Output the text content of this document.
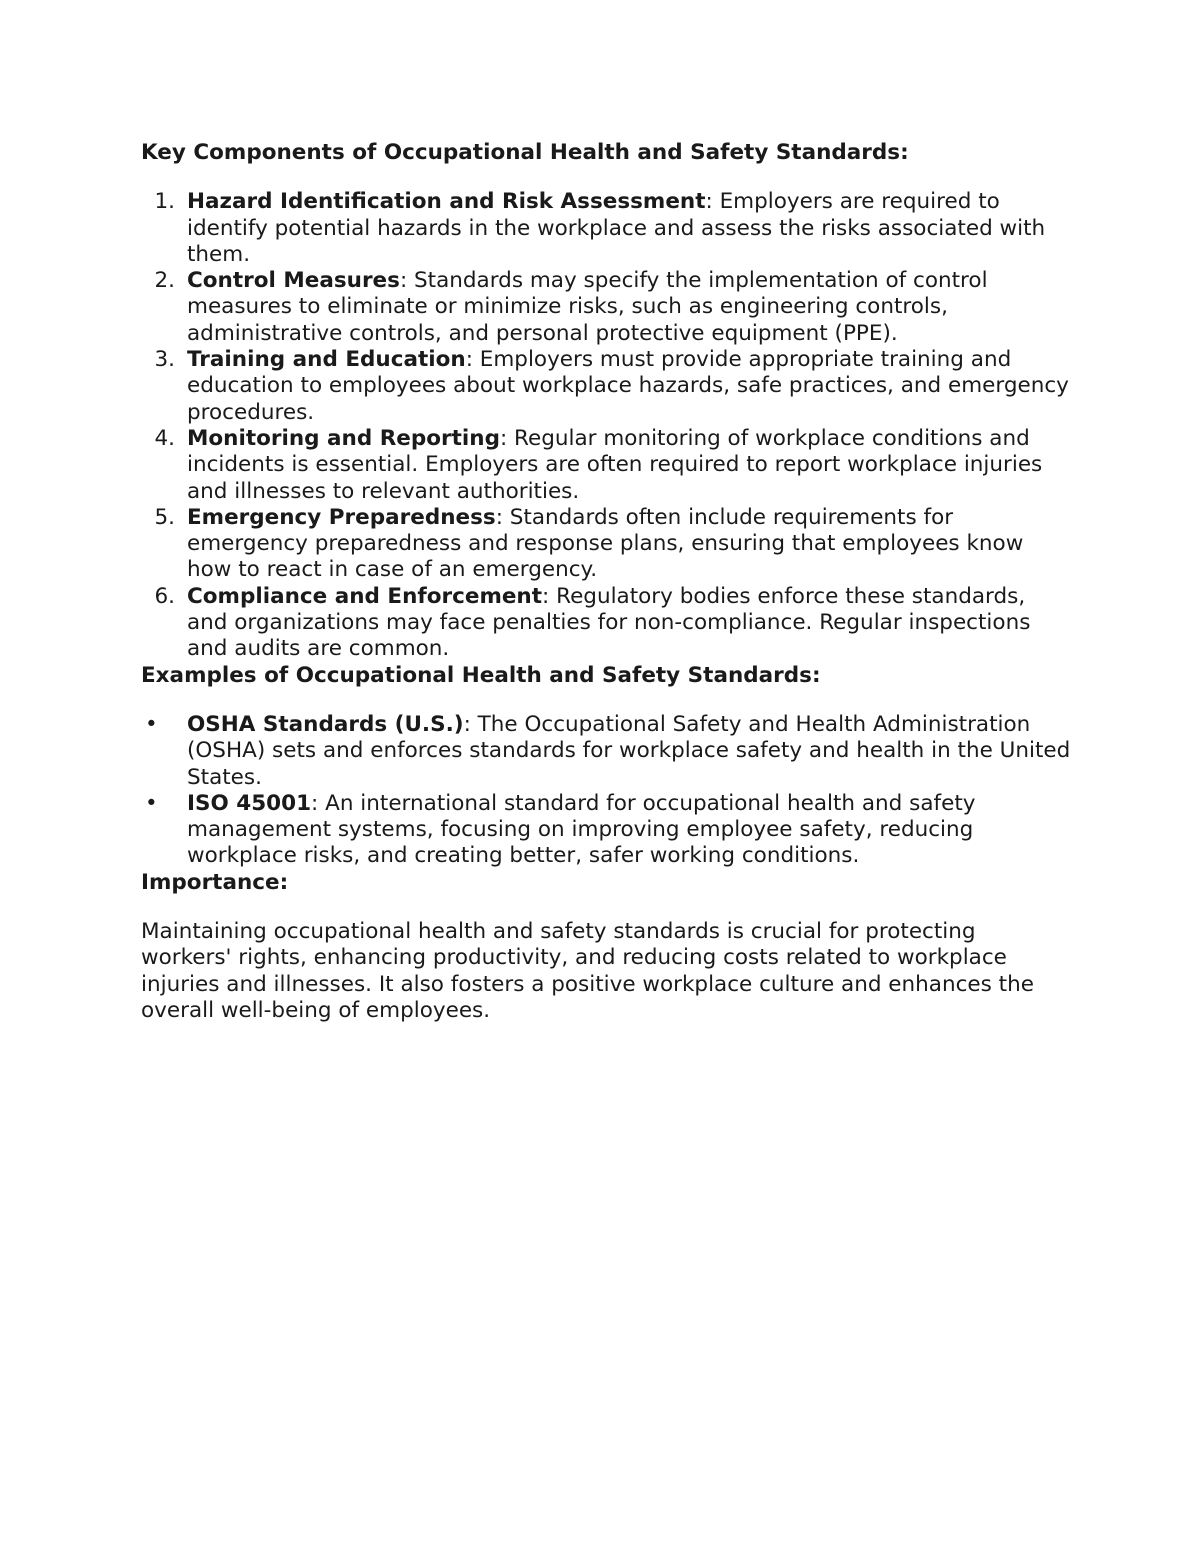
Key Components of Occupational Health and Safety Standards:

1. Hazard Identification and Risk Assessment: Employers are required to identify potential hazards in the workplace and assess the risks associated with them.
2. Control Measures: Standards may specify the implementation of control measures to eliminate or minimize risks, such as engineering controls, administrative controls, and personal protective equipment (PPE).
3. Training and Education: Employers must provide appropriate training and education to employees about workplace hazards, safe practices, and emergency procedures.
4. Monitoring and Reporting: Regular monitoring of workplace conditions and incidents is essential. Employers are often required to report workplace injuries and illnesses to relevant authorities.
5. Emergency Preparedness: Standards often include requirements for emergency preparedness and response plans, ensuring that employees know how to react in case of an emergency.
6. Compliance and Enforcement: Regulatory bodies enforce these standards, and organizations may face penalties for non-compliance. Regular inspections and audits are common.

Examples of Occupational Health and Safety Standards:

• OSHA Standards (U.S.): The Occupational Safety and Health Administration (OSHA) sets and enforces standards for workplace safety and health in the United States.
• ISO 45001: An international standard for occupational health and safety management systems, focusing on improving employee safety, reducing workplace risks, and creating better, safer working conditions.

Importance:

Maintaining occupational health and safety standards is crucial for protecting workers' rights, enhancing productivity, and reducing costs related to workplace injuries and illnesses. It also fosters a positive workplace culture and enhances the overall well-being of employees.
